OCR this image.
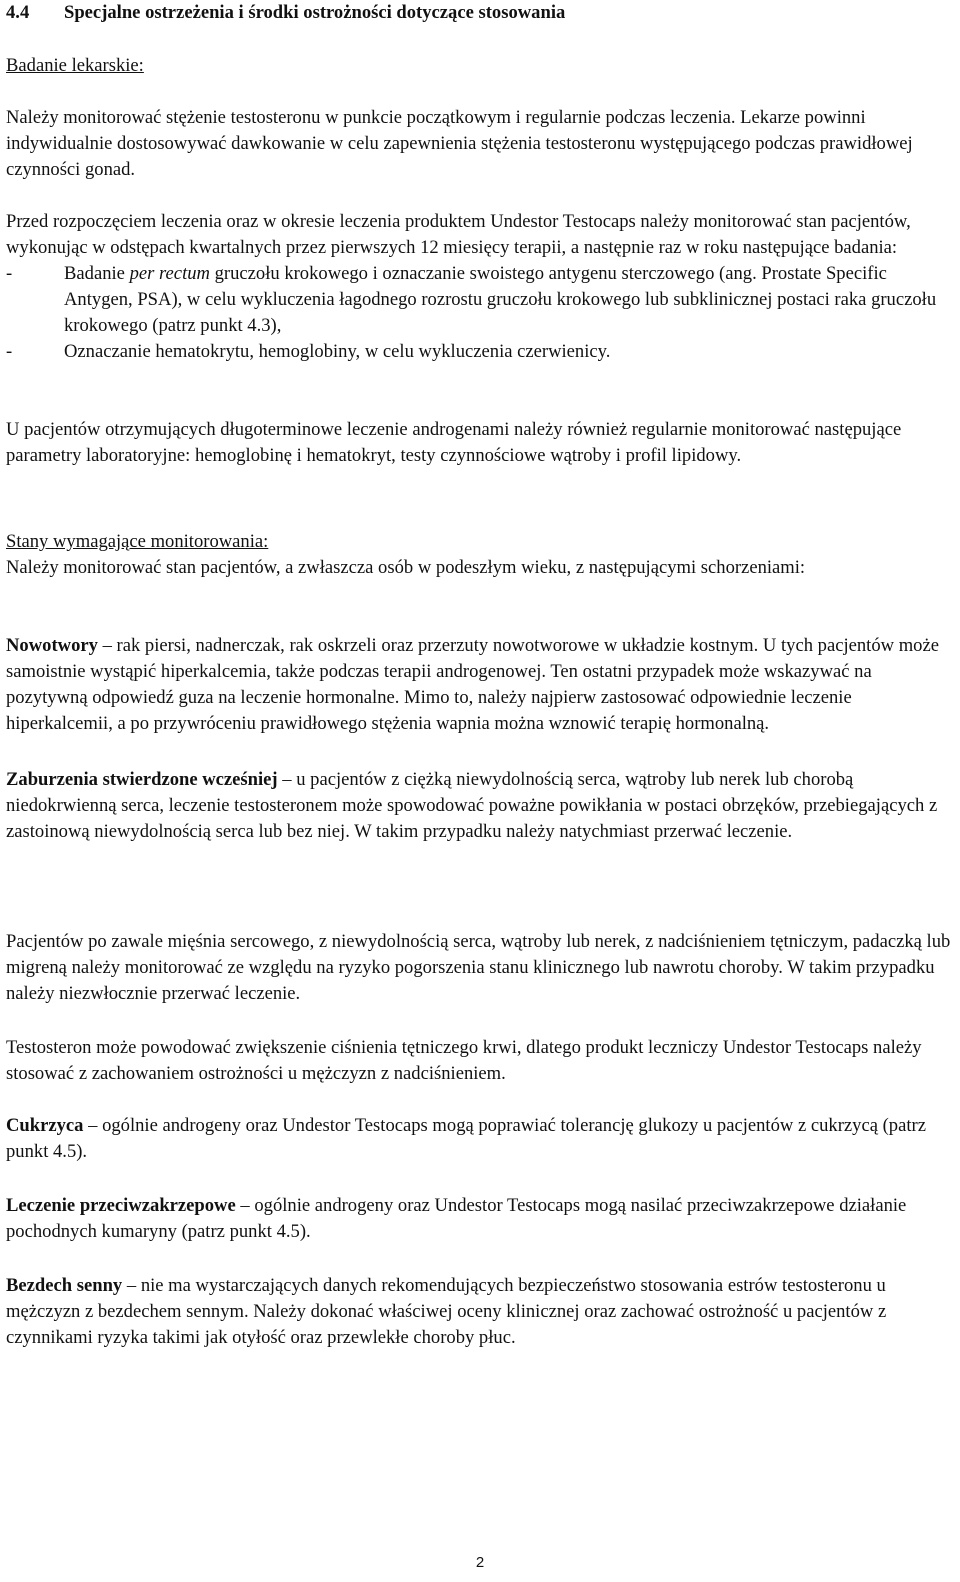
4.4 Specjalne ostrzeżenia i środki ostrożności dotyczące stosowania
Badanie lekarskie:

Należy monitorować stężenie testosteronu w punkcie początkowym i regularnie podczas leczenia. Lekarze powinni indywidualnie dostosowywać dawkowanie w celu zapewnienia stężenia testosteronu występującego podczas prawidłowej czynności gonad.

Przed rozpoczęciem leczenia oraz w okresie leczenia produktem Undestor Testocaps należy monitorować stan pacjentów, wykonując w odstępach kwartalnych przez pierwszych 12 miesięcy terapii, a następnie raz w roku następujące badania:

-	Badanie per rectum gruczołu krokowego i oznaczanie swoistego antygenu sterczowego (ang. Prostate Specific Antygen, PSA), w celu wykluczenia łagodnego rozrostu gruczołu krokowego lub subklinicznej postaci raka gruczołu krokowego (patrz punkt 4.3),

-	Oznaczanie hematokrytu, hemoglobiny, w celu wykluczenia czerwienicy.

U pacjentów otrzymujących długoterminowe leczenie androgenami należy również regularnie monitorować następujące parametry laboratoryjne: hemoglobinę i hematokryt, testy czynnościowe wątroby i profil lipidowy.

Stany wymagające monitorowania:

Należy monitorować stan pacjentów, a zwłaszcza osób w podeszłym wieku, z następującymi schorzeniami:

Nowotwory – rak piersi, nadnerczak, rak oskrzeli oraz przerzuty nowotworowe w układzie kostnym. U tych pacjentów może samoistnie wystąpić hiperkalcemia, także podczas terapii androgenowej. Ten ostatni przypadek może wskazywać na pozytywną odpowiedź guza na leczenie hormonalne. Mimo to, należy najpierw zastosować odpowiednie leczenie hiperkalcemii, a po przywróceniu prawidłowego stężenia wapnia można wznowić terapię hormonalną.

Zaburzenia stwierdzone wcześniej – u pacjentów z ciężką niewydolnością serca, wątroby lub nerek lub chorobą niedokrwienną serca, leczenie testosteronem może spowodować poważne powikłania w postaci obrzęków, przebiegających z zastoinową niewydolnością serca lub bez niej. W takim przypadku należy natychmiast przerwać leczenie.

Pacjentów po zawale mięśnia sercowego, z niewydolnością serca, wątroby lub nerek, z nadciśnieniem tętniczym, padaczką lub migreną należy monitorować ze względu na ryzyko pogorszenia stanu klinicznego lub nawrotu choroby. W takim przypadku należy niezwłocznie przerwać leczenie.

Testosteron może powodować zwiększenie ciśnienia tętniczego krwi, dlatego produkt leczniczy Undestor Testocaps należy stosować z zachowaniem ostrożności u mężczyzn z nadciśnieniem.

Cukrzyca – ogólnie androgeny oraz Undestor Testocaps mogą poprawiać tolerancję glukozy u pacjentów z cukrzycą (patrz punkt 4.5).

Leczenie przeciwzakrzepowe – ogólnie androgeny oraz Undestor Testocaps mogą nasilać przeciwzakrzepowe działanie pochodnych kumaryny (patrz punkt 4.5).

Bezdech senny – nie ma wystarczających danych rekomendujących bezpieczeństwo stosowania estrów testosteronu u mężczyzn z bezdechem sennym. Należy dokonać właściwej oceny klinicznej oraz zachować ostrożność u pacjentów z czynnikami ryzyka takimi jak otyłość oraz przewlekłe choroby płuc.

2
